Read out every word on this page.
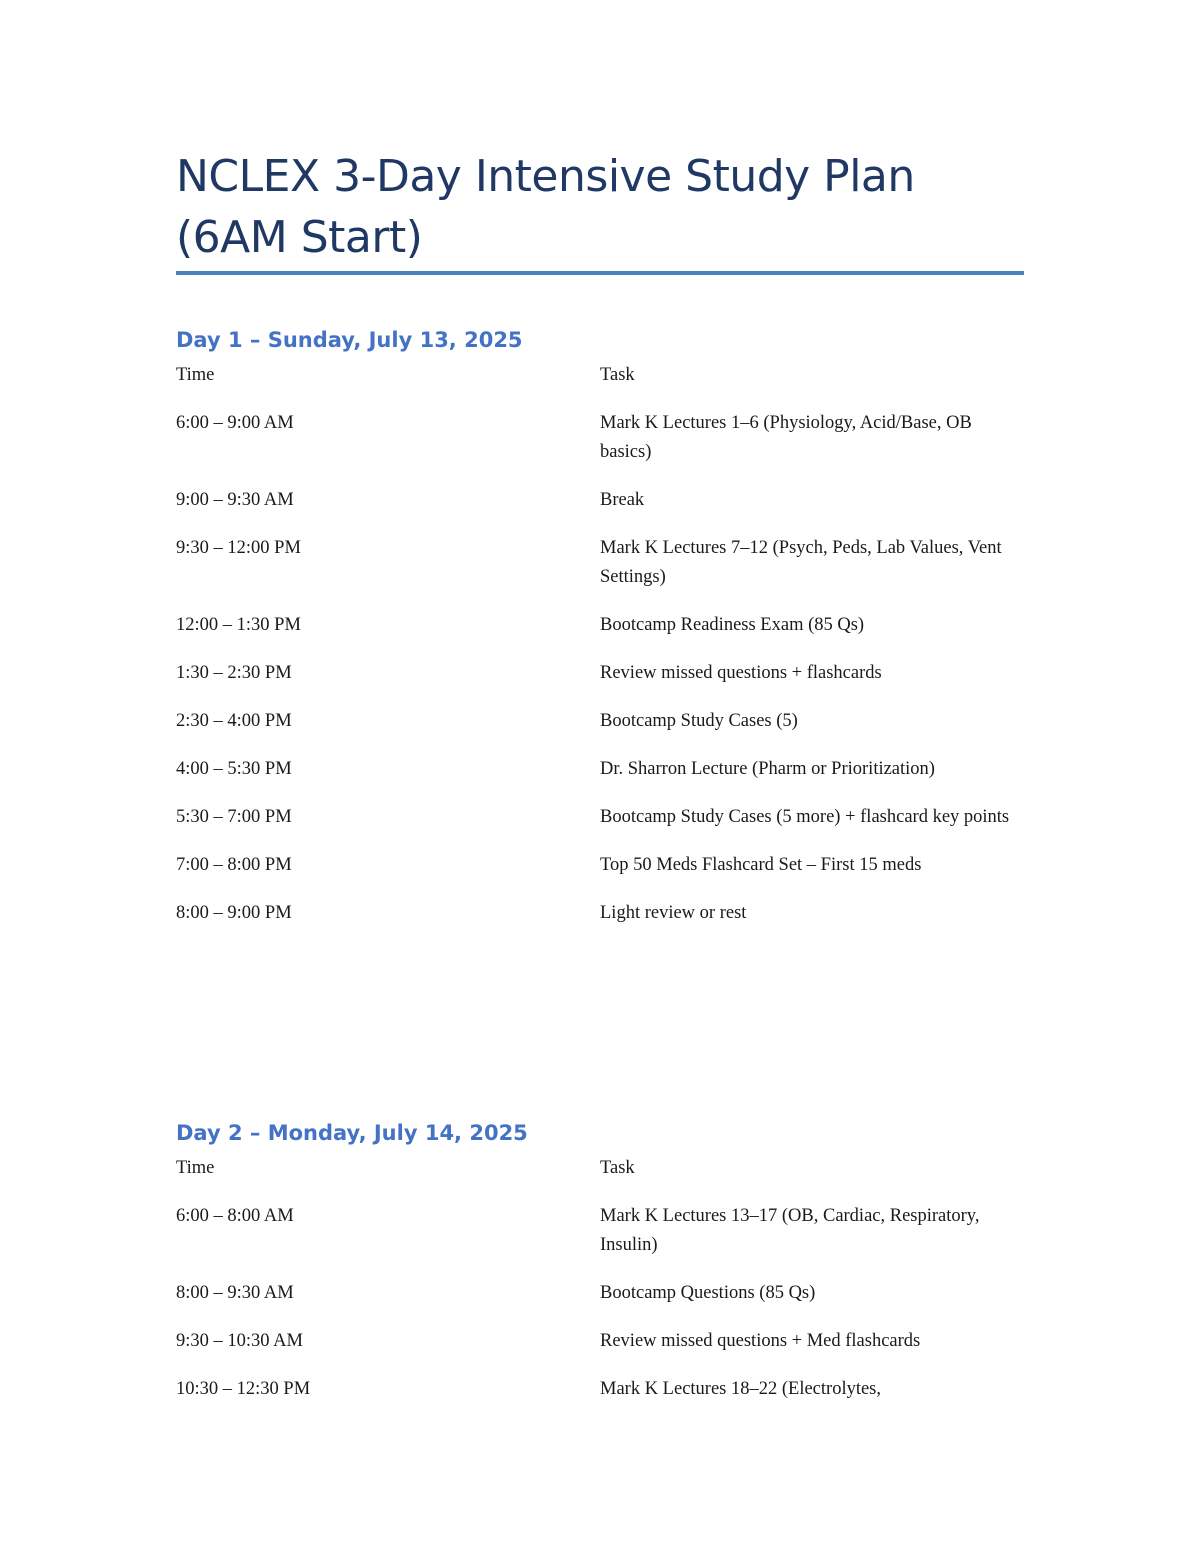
NCLEX 3-Day Intensive Study Plan (6AM Start)
Day 1 – Sunday, July 13, 2025
Time	Task
6:00 – 9:00 AM	Mark K Lectures 1–6 (Physiology, Acid/Base, OB basics)
9:00 – 9:30 AM	Break
9:30 – 12:00 PM	Mark K Lectures 7–12 (Psych, Peds, Lab Values, Vent Settings)
12:00 – 1:30 PM	Bootcamp Readiness Exam (85 Qs)
1:30 – 2:30 PM	Review missed questions + flashcards
2:30 – 4:00 PM	Bootcamp Study Cases (5)
4:00 – 5:30 PM	Dr. Sharron Lecture (Pharm or Prioritization)
5:30 – 7:00 PM	Bootcamp Study Cases (5 more) + flashcard key points
7:00 – 8:00 PM	Top 50 Meds Flashcard Set – First 15 meds
8:00 – 9:00 PM	Light review or rest
Day 2 – Monday, July 14, 2025
Time	Task
6:00 – 8:00 AM	Mark K Lectures 13–17 (OB, Cardiac, Respiratory, Insulin)
8:00 – 9:30 AM	Bootcamp Questions (85 Qs)
9:30 – 10:30 AM	Review missed questions + Med flashcards
10:30 – 12:30 PM	Mark K Lectures 18–22 (Electrolytes,
